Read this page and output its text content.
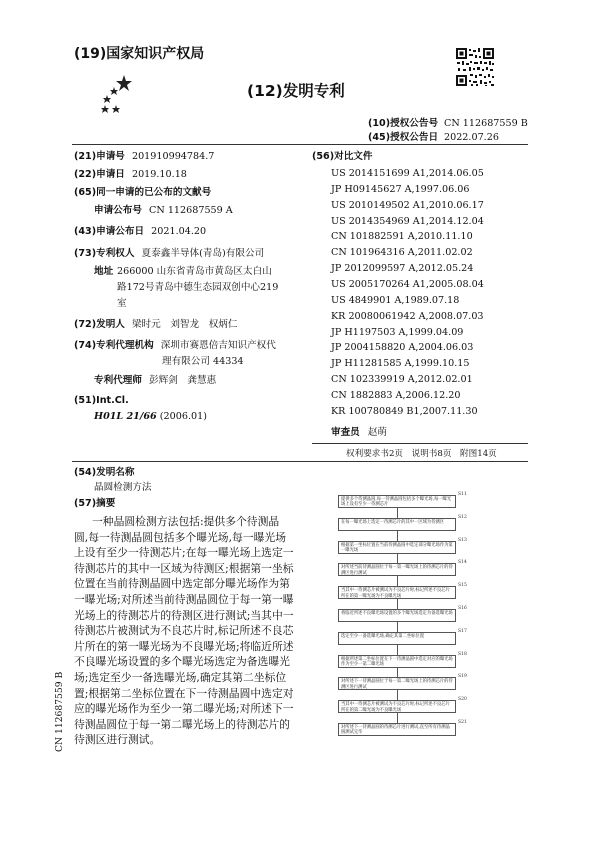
(19)国家知识产权局
(12)发明专利
(10)授权公告号 CN 112687559 B
(45)授权公告日 2022.07.26
(21)申请号 201910994784.7
(22)申请日 2019.10.18
(65)同一申请的已公布的文献号
申请公布号 CN 112687559 A
(43)申请公布日 2021.04.20
(73)专利权人 夏泰鑫半导体(青岛)有限公司
地址 266000 山东省青岛市黄岛区太白山
路172号青岛中德生态园双创中心219
室
(72)发明人 梁时元　刘智龙　权炳仁
(74)专利代理机构 深圳市赛恩倍吉知识产权代
理有限公司 44334
专利代理师 彭辉剑　龚慧惠
(51)Int.Cl.
H01L 21/66 (2006.01)
(56)对比文件
US 2014151699 A1,2014.06.05
JP H09145627 A,1997.06.06
US 2010149502 A1,2010.06.17
US 2014354969 A1,2014.12.04
CN 101882591 A,2010.11.10
CN 101964316 A,2011.02.02
JP 2012099597 A,2012.05.24
US 2005170264 A1,2005.08.04
US 4849901 A,1989.07.18
KR 20080061942 A,2008.07.03
JP H1197503 A,1999.04.09
JP 2004158820 A,2004.06.03
JP H11281585 A,1999.10.15
CN 102339919 A,2012.02.01
CN 1882883 A,2006.12.20
KR 100780849 B1,2007.11.30
审查员 赵萌
权利要求书2页　说明书8页　附图14页
(54)发明名称
晶圆检测方法
(57)摘要
一种晶圆检测方法包括:提供多个待测晶
圆,每一待测晶圆包括多个曝光场,每一曝光场
上设有至少一待测芯片;在每一曝光场上选定一
待测芯片的其中一区域为待测区;根据第一坐标
位置在当前待测晶圆中选定部分曝光场作为第
一曝光场;对所述当前待测晶圆位于每一第一曝
光场上的待测芯片的待测区进行测试;当其中一
待测芯片被测试为不良芯片时,标记所述不良芯
片所在的第一曝光场为不良曝光场;将临近所述
不良曝光场设置的多个曝光场选定为备选曝光
场;选定至少一备选曝光场,确定其第二坐标位
置;根据第二坐标位置在下一待测晶圆中选定对
应的曝光场作为至少一第二曝光场;对所述下一
待测晶圆位于每一第二曝光场上的待测芯片的
待测区进行测试。
CN 112687559 B
提供多个待测晶圆,每一待测晶圆包括多个曝光场,每一曝光场上设有至少一待测芯片
S11
在每一曝光场上选定一待测芯片的其中一区域为待测区
S12
根据第一坐标位置在当前待测晶圆中选定部分曝光场作为第一曝光场
S13
对所述当前待测晶圆位于每一第一曝光场上的待测芯片的待测区进行测试
S14
当其中一待测芯片被测试为不良芯片时,标记所述不良芯片所在的第一曝光场为不良曝光场
S15
将临近所述不良曝光场设置的多个曝光场选定为备选曝光场
S16
选定至少一备选曝光场,确定其第二坐标位置
S17
根据所述第二坐标位置在下一待测晶圆中选定对应的曝光场作为至少一第二曝光场
S18
对所述下一待测晶圆位于每一第二曝光场上的待测芯片的待测区进行测试
S19
当其中一待测芯片被测试为不良芯片时,标记所述不良芯片所在的第二曝光场为不良曝光场
S20
对所述下一待测晶圆的待测芯片进行测试,直至所有待测晶圆测试完毕
S21
